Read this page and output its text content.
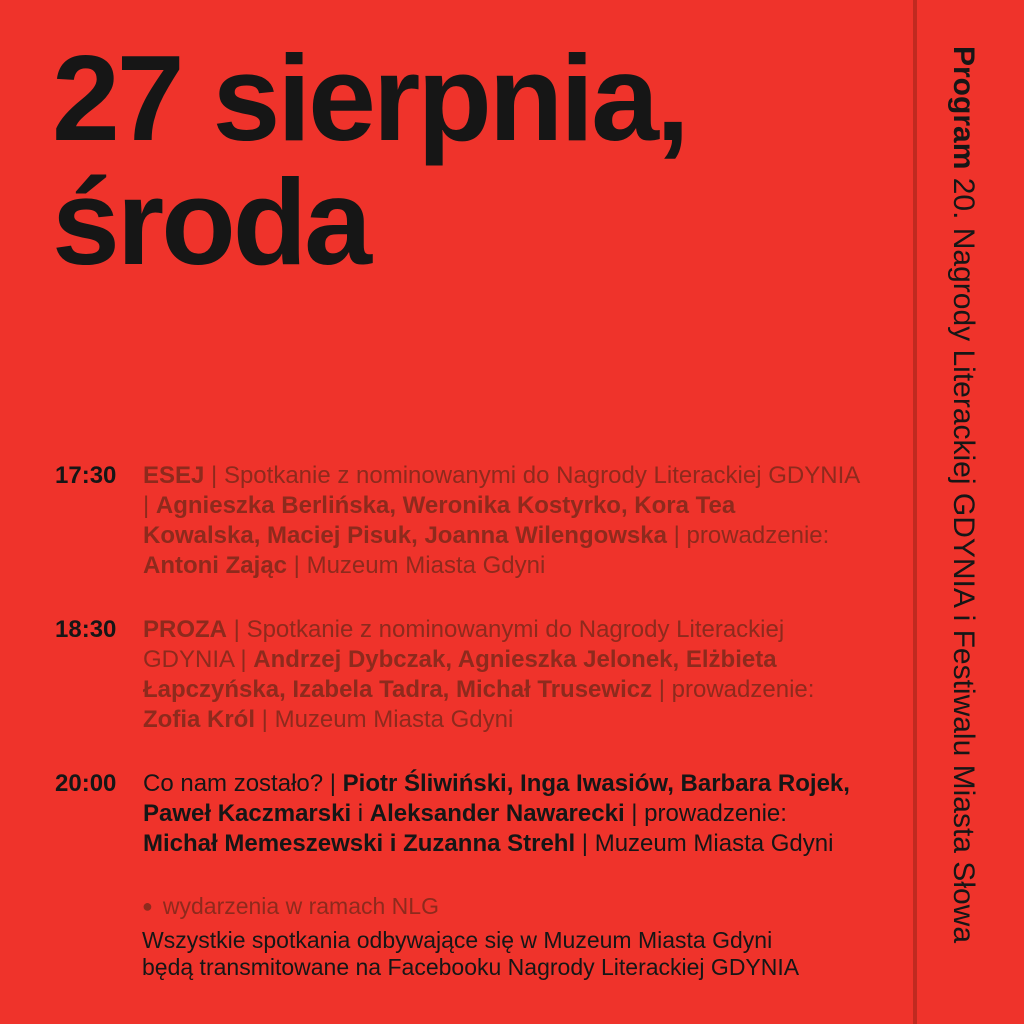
27 sierpnia,
środa
17:30	ESEJ | Spotkanie z nominowanymi do Nagrody Literackiej GDYNIA | Agnieszka Berlińska, Weronika Kostyrko, Kora Tea Kowalska, Maciej Pisuk, Joanna Wilengowska | prowadzenie: Antoni Zając | Muzeum Miasta Gdyni
18:30	PROZA | Spotkanie z nominowanymi do Nagrody Literackiej GDYNIA | Andrzej Dybczak, Agnieszka Jelonek, Elżbieta Łapczyńska, Izabela Tadra, Michał Trusewicz | prowadzenie: Zofia Król | Muzeum Miasta Gdyni
20:00	Co nam zostało? | Piotr Śliwiński, Inga Iwasiów, Barbara Rojek, Paweł Kaczmarski i Aleksander Nawarecki | prowadzenie: Michał Memeszewski i Zuzanna Strehl | Muzeum Miasta Gdyni
● wydarzenia w ramach NLG
Wszystkie spotkania odbywające się w Muzeum Miasta Gdyni
będą transmitowane na Facebooku Nagrody Literackiej GDYNIA
Program 20. Nagrody Literackiej GDYNIA i Festiwalu Miasta Słowa
